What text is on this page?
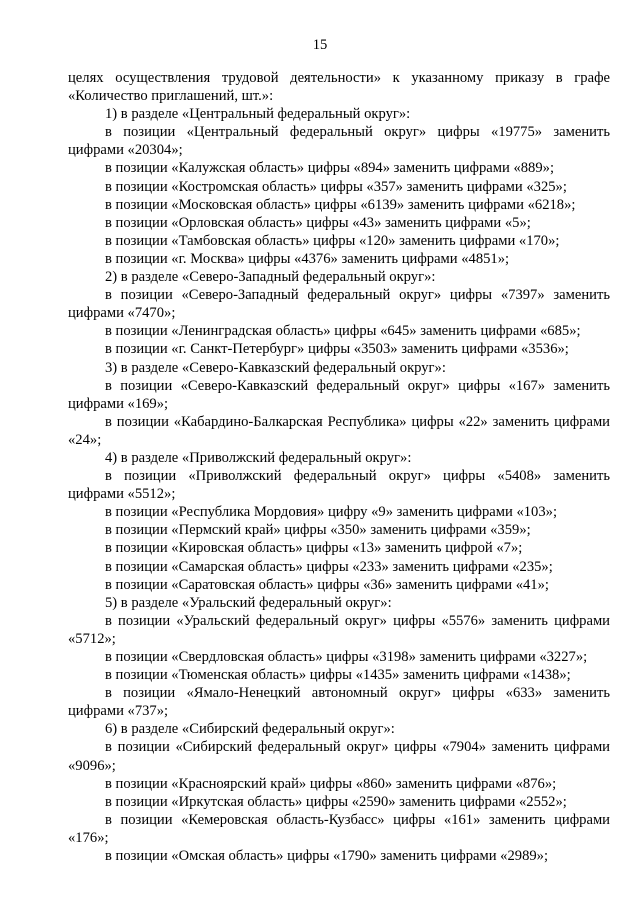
15
целях осуществления трудовой деятельности» к указанному приказу в графе
«Количество приглашений, шт.»:
1) в разделе «Центральный федеральный округ»:
в позиции «Центральный федеральный округ» цифры «19775» заменить
цифрами «20304»;
в позиции «Калужская область» цифры «894» заменить цифрами «889»;
в позиции «Костромская область» цифры «357» заменить цифрами «325»;
в позиции «Московская область» цифры «6139» заменить цифрами «6218»;
в позиции «Орловская область» цифры «43» заменить цифрами «5»;
в позиции «Тамбовская область» цифры «120» заменить цифрами «170»;
в позиции «г. Москва» цифры «4376» заменить цифрами «4851»;
2) в разделе «Северо-Западный федеральный округ»:
в позиции «Северо-Западный федеральный округ» цифры «7397» заменить
цифрами «7470»;
в позиции «Ленинградская область» цифры «645» заменить цифрами «685»;
в позиции «г. Санкт-Петербург» цифры «3503» заменить цифрами «3536»;
3) в разделе «Северо-Кавказский федеральный округ»:
в позиции «Северо-Кавказский федеральный округ» цифры «167» заменить
цифрами «169»;
в позиции «Кабардино-Балкарская Республика» цифры «22» заменить цифрами
«24»;
4) в разделе «Приволжский федеральный округ»:
в позиции «Приволжский федеральный округ» цифры «5408» заменить
цифрами «5512»;
в позиции «Республика Мордовия» цифру «9» заменить цифрами «103»;
в позиции «Пермский край» цифры «350» заменить цифрами «359»;
в позиции «Кировская область» цифры «13» заменить цифрой «7»;
в позиции «Самарская область» цифры «233» заменить цифрами «235»;
в позиции «Саратовская область» цифры «36» заменить цифрами «41»;
5) в разделе «Уральский федеральный округ»:
в позиции «Уральский федеральный округ» цифры «5576» заменить цифрами
«5712»;
в позиции «Свердловская область» цифры «3198» заменить цифрами «3227»;
в позиции «Тюменская область» цифры «1435» заменить цифрами «1438»;
в позиции «Ямало-Ненецкий автономный округ» цифры «633» заменить
цифрами «737»;
6) в разделе «Сибирский федеральный округ»:
в позиции «Сибирский федеральный округ» цифры «7904» заменить цифрами
«9096»;
в позиции «Красноярский край» цифры «860» заменить цифрами «876»;
в позиции «Иркутская область» цифры «2590» заменить цифрами «2552»;
в позиции «Кемеровская область-Кузбасс» цифры «161» заменить цифрами
«176»;
в позиции «Омская область» цифры «1790» заменить цифрами «2989»;
